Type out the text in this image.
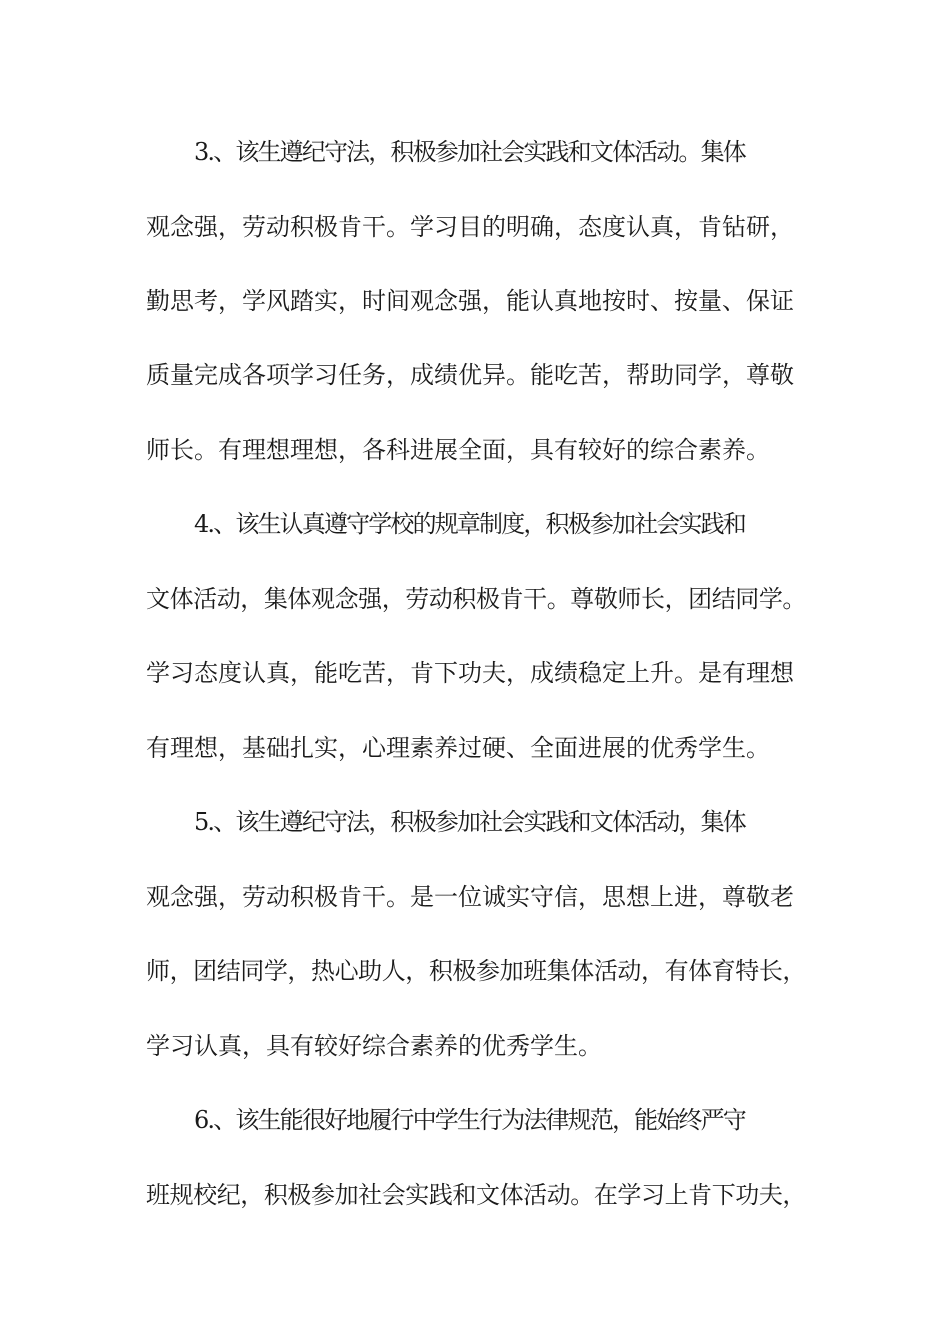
3.、该生遵纪守法，积极参加社会实践和文体活动。集体
观念强，劳动积极肯干。学习目的明确，态度认真，肯钻研，
勤思考，学风踏实，时间观念强，能认真地按时、按量、保证
质量完成各项学习任务，成绩优异。能吃苦，帮助同学，尊敬
师长。有理想理想，各科进展全面，具有较好的综合素养。
4.、该生认真遵守学校的规章制度，积极参加社会实践和
文体活动，集体观念强，劳动积极肯干。尊敬师长，团结同学。
学习态度认真，能吃苦，肯下功夫，成绩稳定上升。是有理想
有理想，基础扎实，心理素养过硬、全面进展的优秀学生。
5.、该生遵纪守法，积极参加社会实践和文体活动，集体
观念强，劳动积极肯干。是一位诚实守信，思想上进，尊敬老
师，团结同学，热心助人，积极参加班集体活动，有体育特长，
学习认真，具有较好综合素养的优秀学生。
6.、该生能很好地履行中学生行为法律规范，能始终严守
班规校纪，积极参加社会实践和文体活动。在学习上肯下功夫，
